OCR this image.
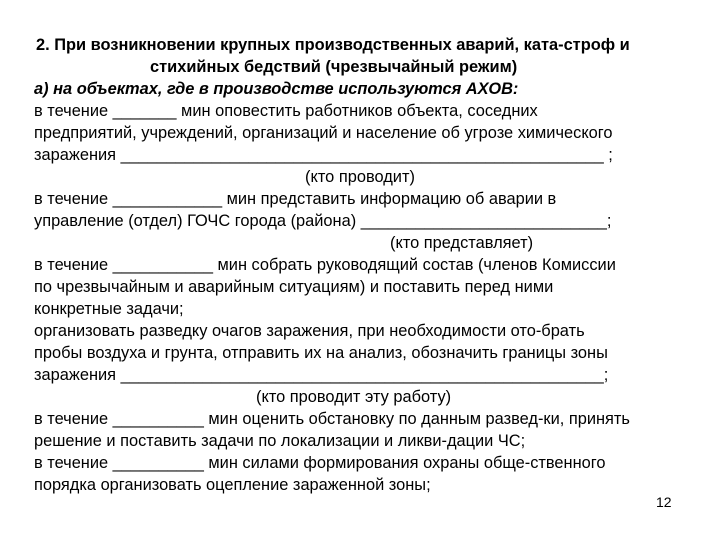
2. При возникновении крупных производственных аварий, ката-строф и
стихийных бедствий (чрезвычайный режим)
а) на объектах, где в производстве используются АХОВ:
в течение _______ мин оповестить работников объекта, соседних
предприятий, учреждений, организаций и население об угрозе химического
заражения _____________________________________________________ ;
(кто проводит)
в течение ____________ мин представить информацию об аварии в
управление (отдел) ГОЧС города (района) ___________________________;
(кто представляет)
в течение ___________ мин собрать руководящий состав (членов Комиссии
по чрезвычайным и аварийным ситуациям) и поставить перед ними
конкретные задачи;
организовать разведку очагов заражения, при необходимости ото-брать
пробы воздуха и грунта, отправить их на анализ, обозначить границы зоны
заражения _____________________________________________________;
(кто проводит эту работу)
в течение __________ мин оценить обстановку по данным развед-ки, принять
решение и поставить задачи по локализации и ликви-дации ЧС;
в течение __________ мин силами формирования охраны обще-ственного
порядка организовать оцепление зараженной зоны;
12
